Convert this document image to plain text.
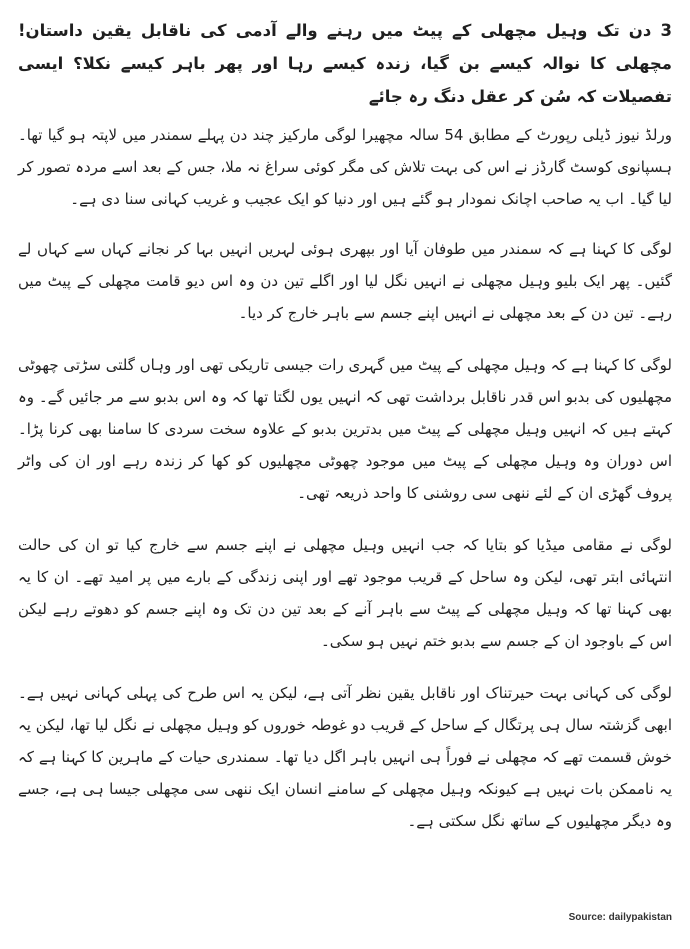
3 دن تک وہیل مچھلی کے پیٹ میں رہنے والے آدمی کی ناقابل یقین داستان! مچھلی کا نوالہ کیسے بن گیا، زندہ کیسے رہا اور پھر باہر کیسے نکلا؟ ایسی تفصیلات کہ سُن کر عقل دنگ رہ جائے

ورلڈ نیوز ڈیلی رپورٹ کے مطابق 54 سالہ مچھیرا لوگی مارکیز چند دن پہلے سمندر میں لاپتہ ہو گیا تھا۔ ہسپانوی کوسٹ گارڈز نے اس کی بہت تلاش کی مگر کوئی سراغ نہ ملا، جس کے بعد اسے مردہ تصور کر لیا گیا۔ اب یہ صاحب اچانک نمودار ہو گئے ہیں اور دنیا کو ایک عجیب و غریب کہانی سنا دی ہے۔

لوگی کا کہنا ہے کہ سمندر میں طوفان آیا اور بپھری ہوئی لہریں انہیں بہا کر نجانے کہاں سے کہاں لے گئیں۔ پھر ایک بلیو وہیل مچھلی نے انہیں نگل لیا اور اگلے تین دن وہ اس دیو قامت مچھلی کے پیٹ میں رہے۔ تین دن کے بعد مچھلی نے انہیں اپنے جسم سے باہر خارج کر دیا۔

لوگی کا کہنا ہے کہ وہیل مچھلی کے پیٹ میں گہری رات جیسی تاریکی تھی اور وہاں گلتی سڑتی چھوٹی مچھلیوں کی بدبو اس قدر ناقابل برداشت تھی کہ انہیں یوں لگتا تھا کہ وہ اس بدبو سے مر جائیں گے۔ وہ کہتے ہیں کہ انہیں وہیل مچھلی کے پیٹ میں بدترین بدبو کے علاوہ سخت سردی کا سامنا بھی کرنا پڑا۔ اس دوران وہ وہیل مچھلی کے پیٹ میں موجود چھوٹی مچھلیوں کو کھا کر زندہ رہے اور ان کی واٹر پروف گھڑی ان کے لئے ننھی سی روشنی کا واحد ذریعہ تھی۔

لوگی نے مقامی میڈیا کو بتایا کہ جب انہیں وہیل مچھلی نے اپنے جسم سے خارج کیا تو ان کی حالت انتہائی ابتر تھی، لیکن وہ ساحل کے قریب موجود تھے اور اپنی زندگی کے بارے میں پر امید تھے۔ ان کا یہ بھی کہنا تھا کہ وہیل مچھلی کے پیٹ سے باہر آنے کے بعد تین دن تک وہ اپنے جسم کو دھوتے رہے لیکن اس کے باوجود ان کے جسم سے بدبو ختم نہیں ہو سکی۔

لوگی کی کہانی بہت حیرتناک اور ناقابل یقین نظر آتی ہے، لیکن یہ اس طرح کی پہلی کہانی نہیں ہے۔ ابھی گزشتہ سال ہی پرتگال کے ساحل کے قریب دو غوطہ خوروں کو وہیل مچھلی نے نگل لیا تھا، لیکن یہ خوش قسمت تھے کہ مچھلی نے فوراً ہی انہیں باہر اگل دیا تھا۔ سمندری حیات کے ماہرین کا کہنا ہے کہ یہ ناممکن بات نہیں ہے کیونکہ وہیل مچھلی کے سامنے انسان ایک ننھی سی مچھلی جیسا ہی ہے، جسے وہ دیگر مچھلیوں کے ساتھ نگل سکتی ہے۔

Source: dailypakistan
